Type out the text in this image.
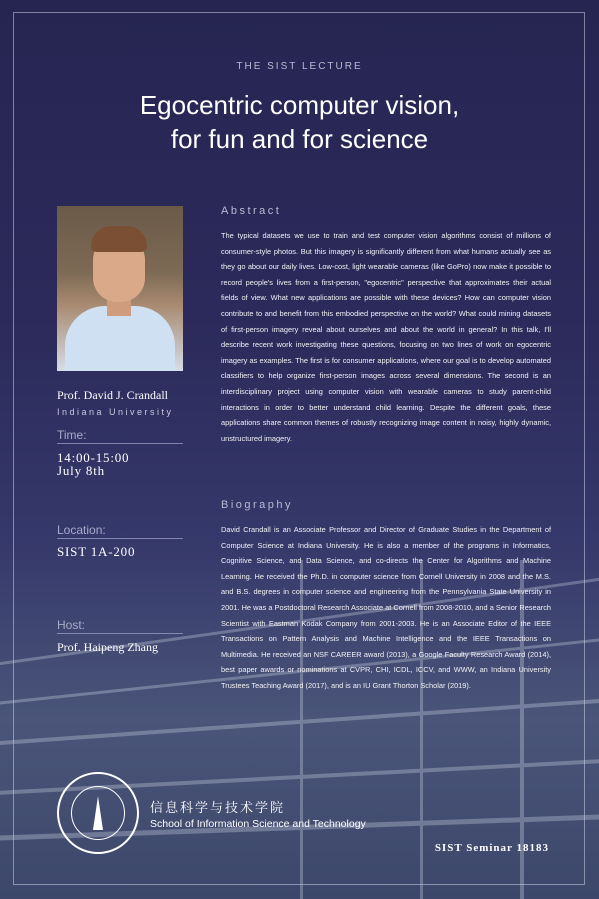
THE SIST LECTURE
Egocentric computer vision,
for fun and for science
Prof. David J. Crandall
Indiana University
Time:
14:00-15:00
July 8th
Location:
SIST 1A-200
Host:
Prof. Haipeng Zhang
Abstract
The typical datasets we use to train and test computer vision algorithms consist of millions of consumer-style photos. But this imagery is significantly different from what humans actually see as they go about our daily lives. Low-cost, light wearable cameras (like GoPro) now make it possible to record people's lives from a first-person, "egocentric" perspective that approximates their actual fields of view. What new applications are possible with these devices? How can computer vision contribute to and benefit from this embodied perspective on the world? What could mining datasets of first-person imagery reveal about ourselves and about the world in general? In this talk, I'll describe recent work investigating these questions, focusing on two lines of work on egocentric imagery as examples. The first is for consumer applications, where our goal is to develop automated classifiers to help organize first-person images across several dimensions. The second is an interdisciplinary project using computer vision with wearable cameras to study parent-child interactions in order to better understand child learning. Despite the different goals, these applications share common themes of robustly recognizing image content in noisy, highly dynamic, unstructured imagery.
Biography
David Crandall is an Associate Professor and Director of Graduate Studies in the Department of Computer Science at Indiana University. He is also a member of the programs in Informatics, Cognitive Science, and Data Science, and co-directs the Center for Algorithms and Machine Learning. He received the Ph.D. in computer science from Cornell University in 2008 and the M.S. and B.S. degrees in computer science and engineering from the Pennsylvania State University in 2001. He was a Postdoctoral Research Associate at Cornell from 2008-2010, and a Senior Research Scientist with Eastman Kodak Company from 2001-2003. He is an Associate Editor of the IEEE Transactions on Pattern Analysis and Machine Intelligence and the IEEE Transactions on Multimedia. He received an NSF CAREER award (2013), a Google Faculty Research Award (2014), best paper awards or nominations at CVPR, CHI, ICDL, ICCV, and WWW, an Indiana University Trustees Teaching Award (2017), and is an IU Grant Thorton Scholar (2019).
信息科学与技术学院
School of Information Science and Technology
SIST Seminar 18183
